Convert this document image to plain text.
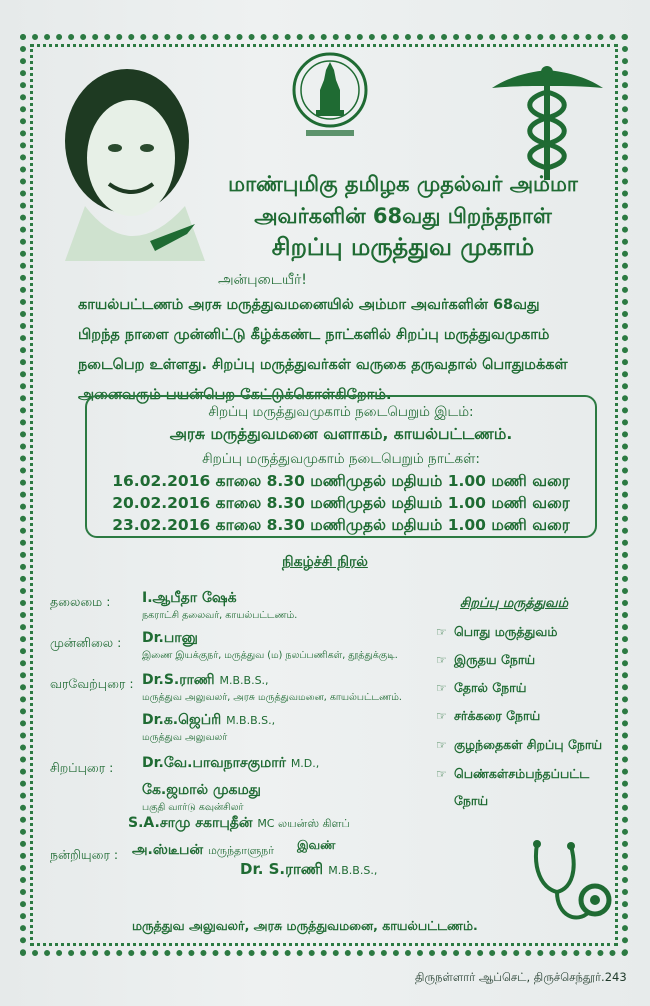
மாண்புமிகு தமிழக முதல்வர் அம்மா
அவர்களின் 68வது பிறந்தநாள்
சிறப்பு மருத்துவ முகாம்
அன்புடையீர்!
காயல்பட்டணம் அரசு மருத்துவமனையில் அம்மா அவர்களின் 68வது
பிறந்த நாளை முன்னிட்டு கீழ்க்கண்ட நாட்களில் சிறப்பு மருத்துவமுகாம்
நடைபெற உள்ளது. சிறப்பு மருத்துவர்கள் வருகை தருவதால் பொதுமக்கள்
அனைவரும் பயன்பெற கேட்டுக்கொள்கிறோம்.
சிறப்பு மருத்துவமுகாம் நடைபெறும் இடம்:
அரசு மருத்துவமனை வளாகம், காயல்பட்டணம்.
சிறப்பு மருத்துவமுகாம் நடைபெறும் நாட்கள்:
16.02.2016 காலை 8.30 மணிமுதல் மதியம் 1.00 மணி வரை
20.02.2016 காலை 8.30 மணிமுதல் மதியம் 1.00 மணி வரை
23.02.2016 காலை 8.30 மணிமுதல் மதியம் 1.00 மணி வரை
நிகழ்ச்சி நிரல்
தலைமை : I.ஆபீதா ஷேக்
நகராட்சி தலைவர், காயல்பட்டணம்.
முன்னிலை : Dr.பானு
இணை இயக்குநர், மருத்துவ (ம) நலப்பணிகள், தூத்துக்குடி.
வரவேற்புரை : Dr.S.ராணி M.B.B.S.,
மருத்துவ அலுவலர், அரசு மருத்துவமனை, காயல்பட்டணம்.
Dr.க.ஜெப்ரி M.B.B.S.,
மருத்துவ அலுவலர்
சிறப்புரை : Dr.வே.பாவநாசகுமார் M.D.,
கே.ஜமால் முகமது
பகுதி வார்டு கவுன்சிலர்
S.A.சாமு சகாபுதீன் MC லயன்ஸ் கிளப்
நன்றியுரை : அ.ஸ்டீபன் மருந்தாளுநர்
சிறப்பு மருத்துவம்
☞ பொது மருத்துவம்
☞ இருதய நோய்
☞ தோல் நோய்
☞ சர்க்கரை நோய்
☞ குழந்தைகள் சிறப்பு நோய்
☞ பெண்கள்சம்பந்தப்பட்ட
நோய்
இவண்
Dr. S.ராணி M.B.B.S.,
மருத்துவ அலுவலர், அரசு மருத்துவமனை, காயல்பட்டணம்.
திருநள்ளார் ஆப்செட், திருச்செந்தூர்.243
